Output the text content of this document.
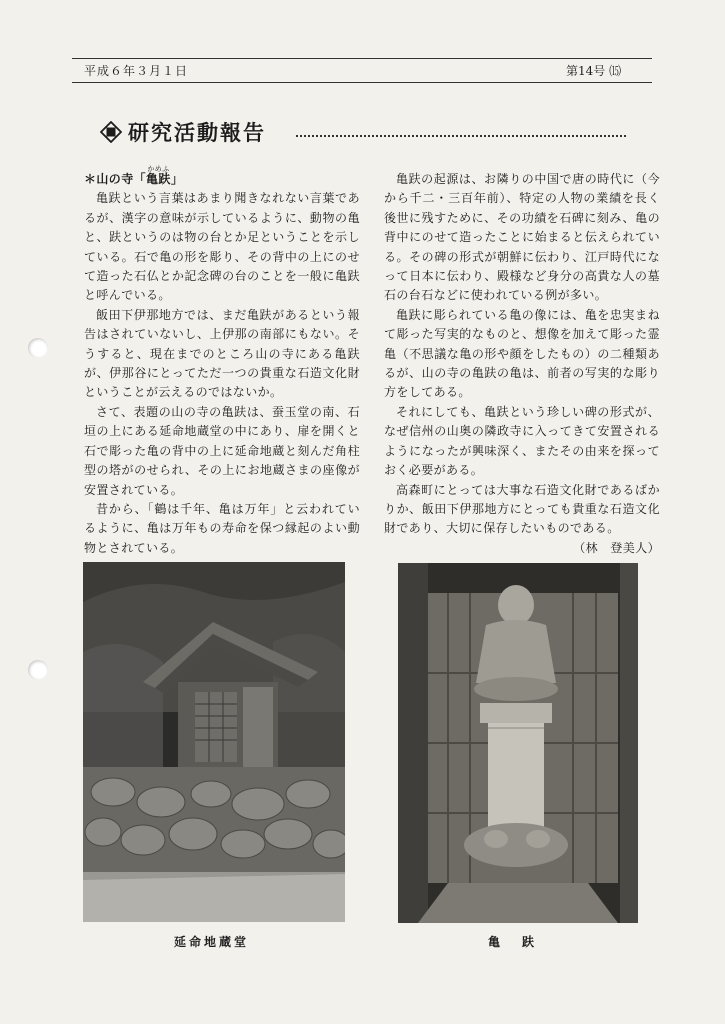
平成６年３月１日	第14号 ⒂
研究活動報告
＊山の寺「
かめふ
亀趺」

亀趺という言葉はあまり聞きなれない言葉であるが、漢字の意味が示しているように、動物の亀と、趺というのは物の台とか足ということを示している。石で亀の形を彫り、その背中の上にのせて造った石仏とか記念碑の台のことを一般に亀趺と呼んでいる。

飯田下伊那地方では、まだ亀趺があるという報告はされていないし、上伊那の南部にもない。そうすると、現在までのところ山の寺にある亀趺が、伊那谷にとってただ一つの貴重な石造文化財ということが云えるのではないか。

さて、表題の山の寺の亀趺は、蚕玉堂の南、石垣の上にある延命地蔵堂の中にあり、扉を開くと石で彫った亀の背中の上に延命地蔵と刻んだ角柱型の塔がのせられ、その上にお地蔵さまの座像が安置されている。

昔から、「鶴は千年、亀は万年」と云われているように、亀は万年もの寿命を保つ縁起のよい動物とされている。

亀趺の起源は、お隣りの中国で唐の時代に（今から千二・三百年前）、特定の人物の業績を長く後世に残すために、その功績を石碑に刻み、亀の背中にのせて造ったことに始まると伝えられている。その碑の形式が朝鮮に伝わり、江戸時代になって日本に伝わり、殿様など身分の高貴な人の墓石の台石などに使われている例が多い。

亀趺に彫られている亀の像には、亀を忠実まねて彫った写実的なものと、想像を加えて彫った霊亀（不思議な亀の形や顔をしたもの）の二種類あるが、山の寺の亀趺の亀は、前者の写実的な彫り方をしてある。

それにしても、亀趺という珍しい碑の形式が、なぜ信州の山奥の隣政寺に入ってきて安置されるようになったが興味深く、またその由来を探っておく必要がある。

高森町にとっては大事な石造文化財であるばかりか、飯田下伊那地方にとっても貴重な石造文化財であり、大切に保存したいものである。

（林　登美人）

延命地蔵堂	亀趺
